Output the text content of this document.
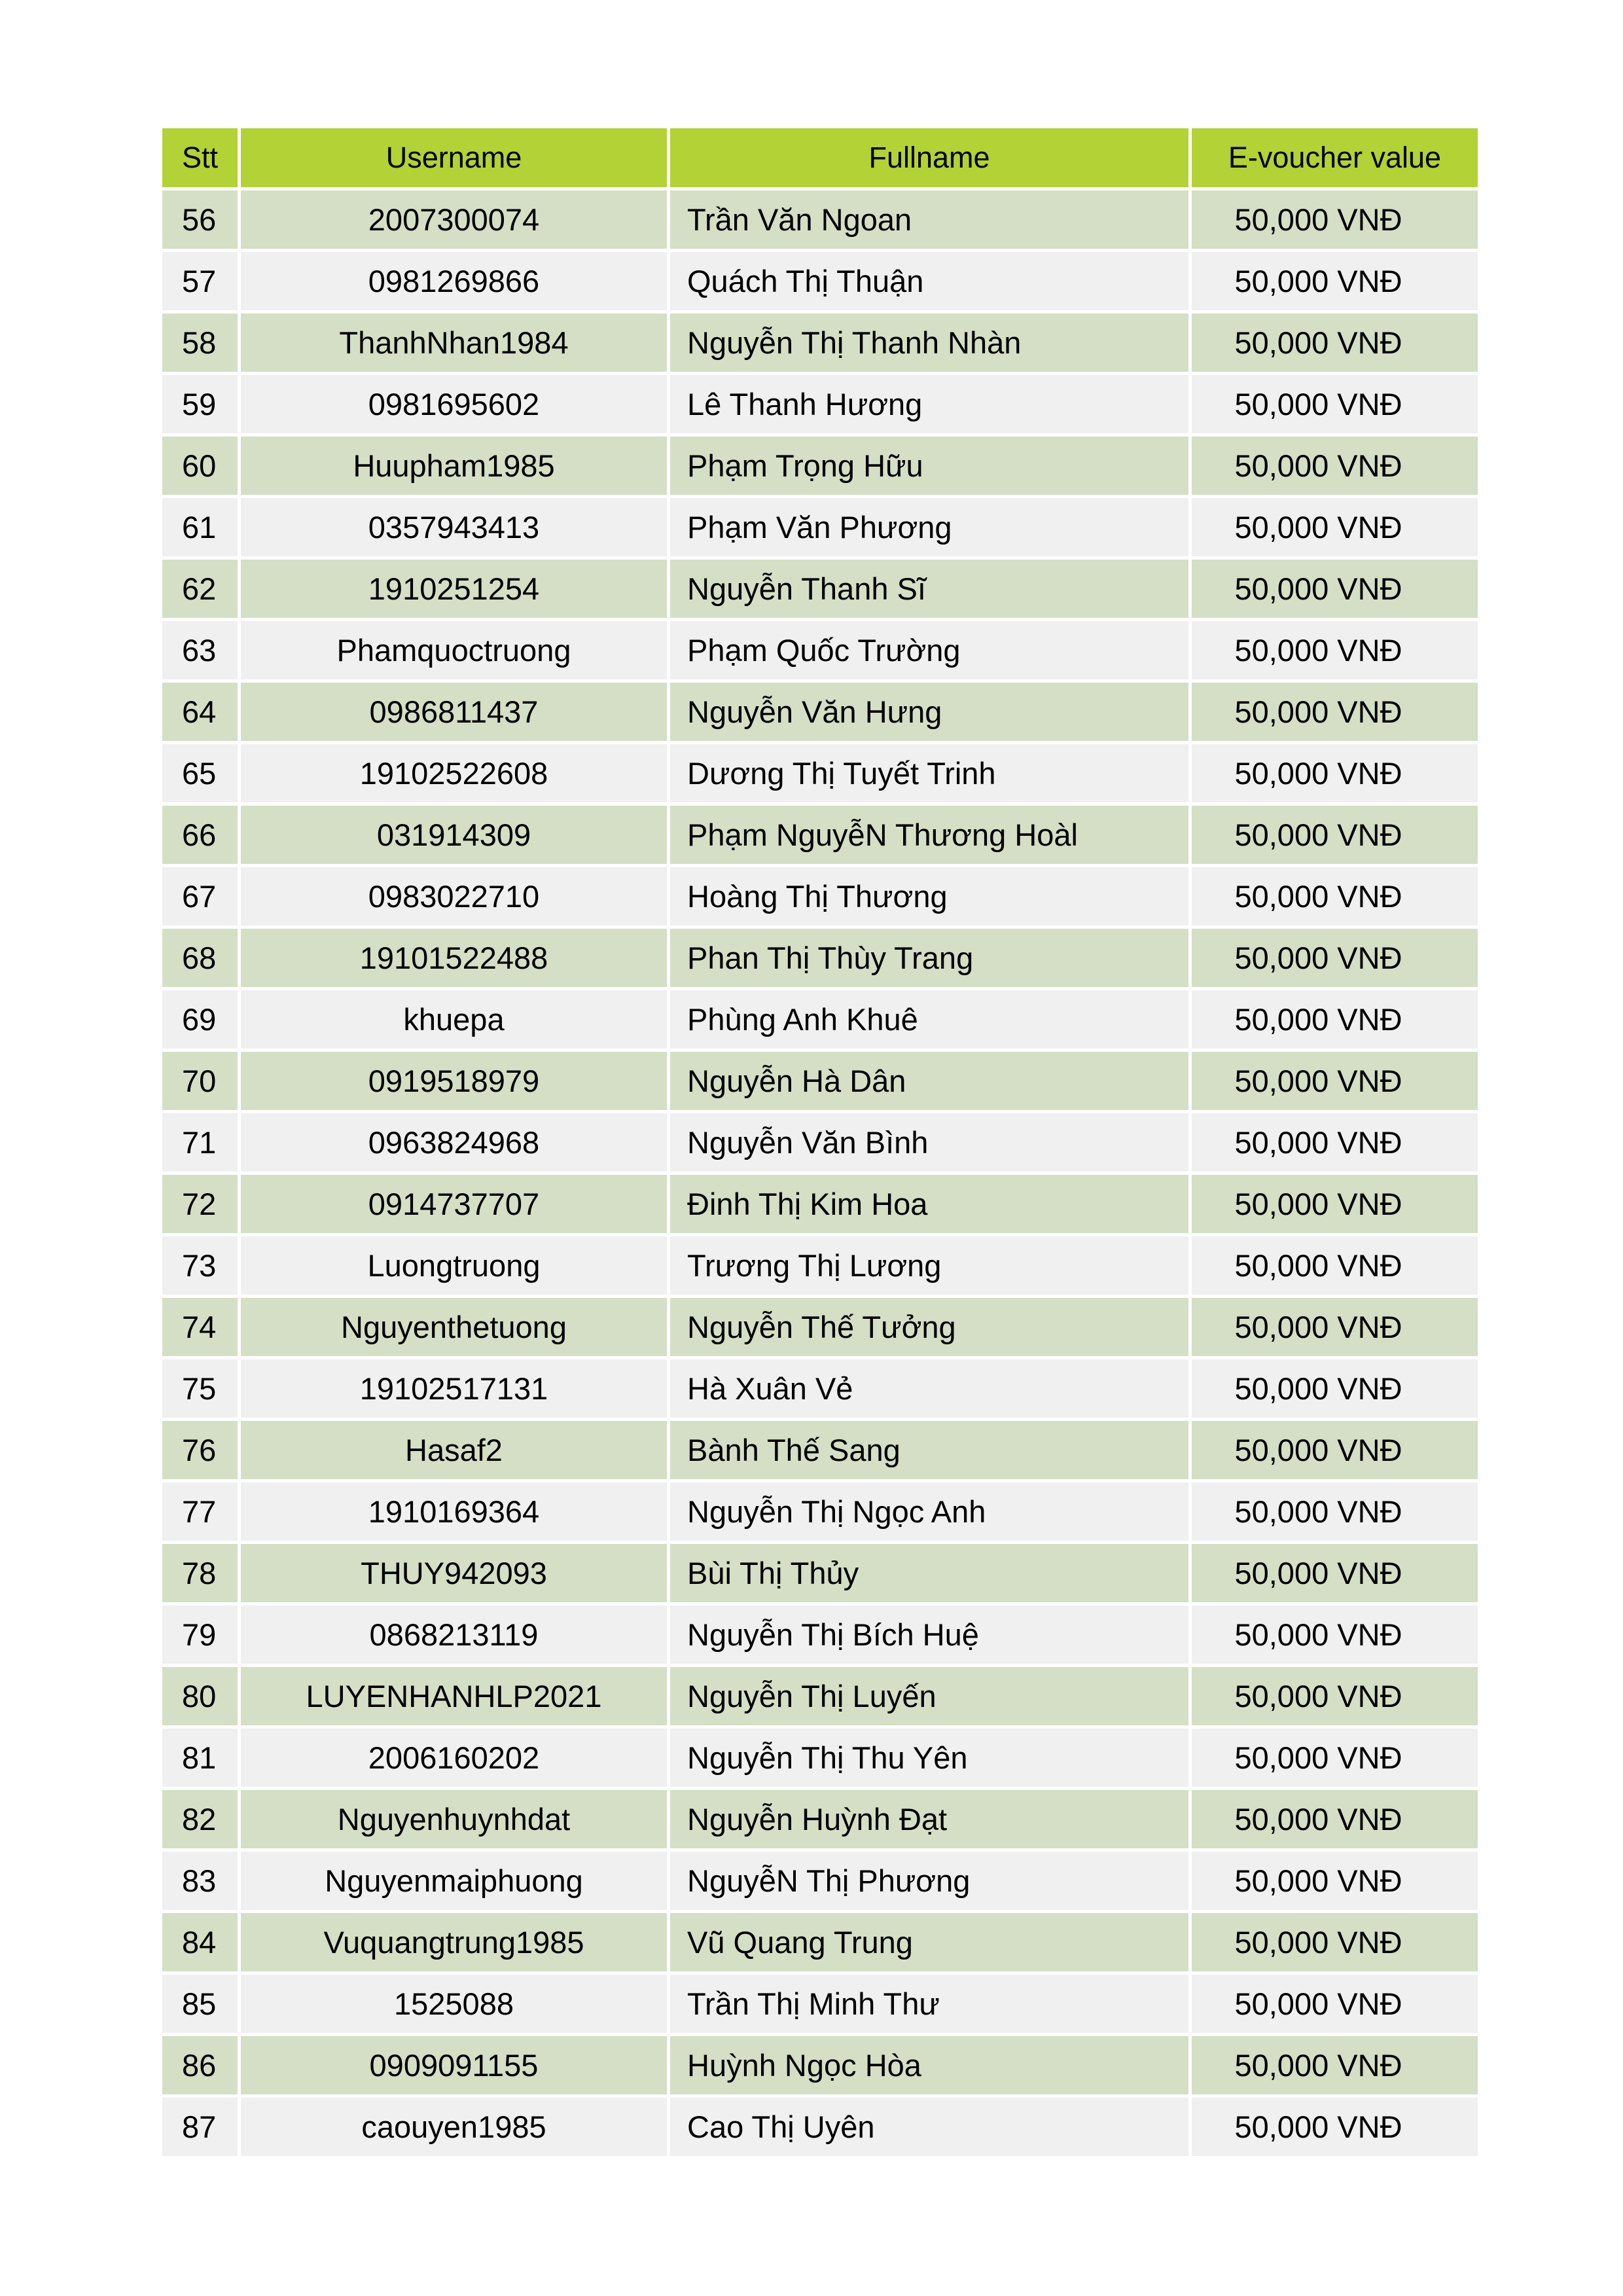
Stt	Username	Fullname	E-voucher value
56	2007300074	Trần Văn Ngoan	50,000 VNĐ
57	0981269866	Quách Thị Thuận	50,000 VNĐ
58	ThanhNhan1984	Nguyễn Thị Thanh Nhàn	50,000 VNĐ
59	0981695602	Lê Thanh Hương	50,000 VNĐ
60	Huupham1985	Phạm Trọng Hữu	50,000 VNĐ
61	0357943413	Phạm Văn Phương	50,000 VNĐ
62	1910251254	Nguyễn Thanh Sĩ	50,000 VNĐ
63	Phamquoctruong	Phạm Quốc Trường	50,000 VNĐ
64	0986811437	Nguyễn Văn Hưng	50,000 VNĐ
65	19102522608	Dương Thị Tuyết Trinh	50,000 VNĐ
66	031914309	Phạm NguyễN Thương Hoàl	50,000 VNĐ
67	0983022710	Hoàng Thị Thương	50,000 VNĐ
68	19101522488	Phan Thị Thùy Trang	50,000 VNĐ
69	khuepa	Phùng Anh Khuê	50,000 VNĐ
70	0919518979	Nguyễn Hà Dân	50,000 VNĐ
71	0963824968	Nguyễn Văn Bình	50,000 VNĐ
72	0914737707	Đinh Thị Kim Hoa	50,000 VNĐ
73	Luongtruong	Trương Thị Lương	50,000 VNĐ
74	Nguyenthetuong	Nguyễn Thế Tưởng	50,000 VNĐ
75	19102517131	Hà Xuân Vẻ	50,000 VNĐ
76	Hasaf2	Bành Thế Sang	50,000 VNĐ
77	1910169364	Nguyễn Thị Ngọc Anh	50,000 VNĐ
78	THUY942093	Bùi Thị Thủy	50,000 VNĐ
79	0868213119	Nguyễn Thị Bích Huệ	50,000 VNĐ
80	LUYENHANHLP2021	Nguyễn Thị Luyến	50,000 VNĐ
81	2006160202	Nguyễn Thị Thu Yên	50,000 VNĐ
82	Nguyenhuynhdat	Nguyễn Huỳnh Đạt	50,000 VNĐ
83	Nguyenmaiphuong	NguyễN Thị Phương	50,000 VNĐ
84	Vuquangtrung1985	Vũ Quang Trung	50,000 VNĐ
85	1525088	Trần Thị Minh Thư	50,000 VNĐ
86	0909091155	Huỳnh Ngọc Hòa	50,000 VNĐ
87	caouyen1985	Cao Thị Uyên	50,000 VNĐ
